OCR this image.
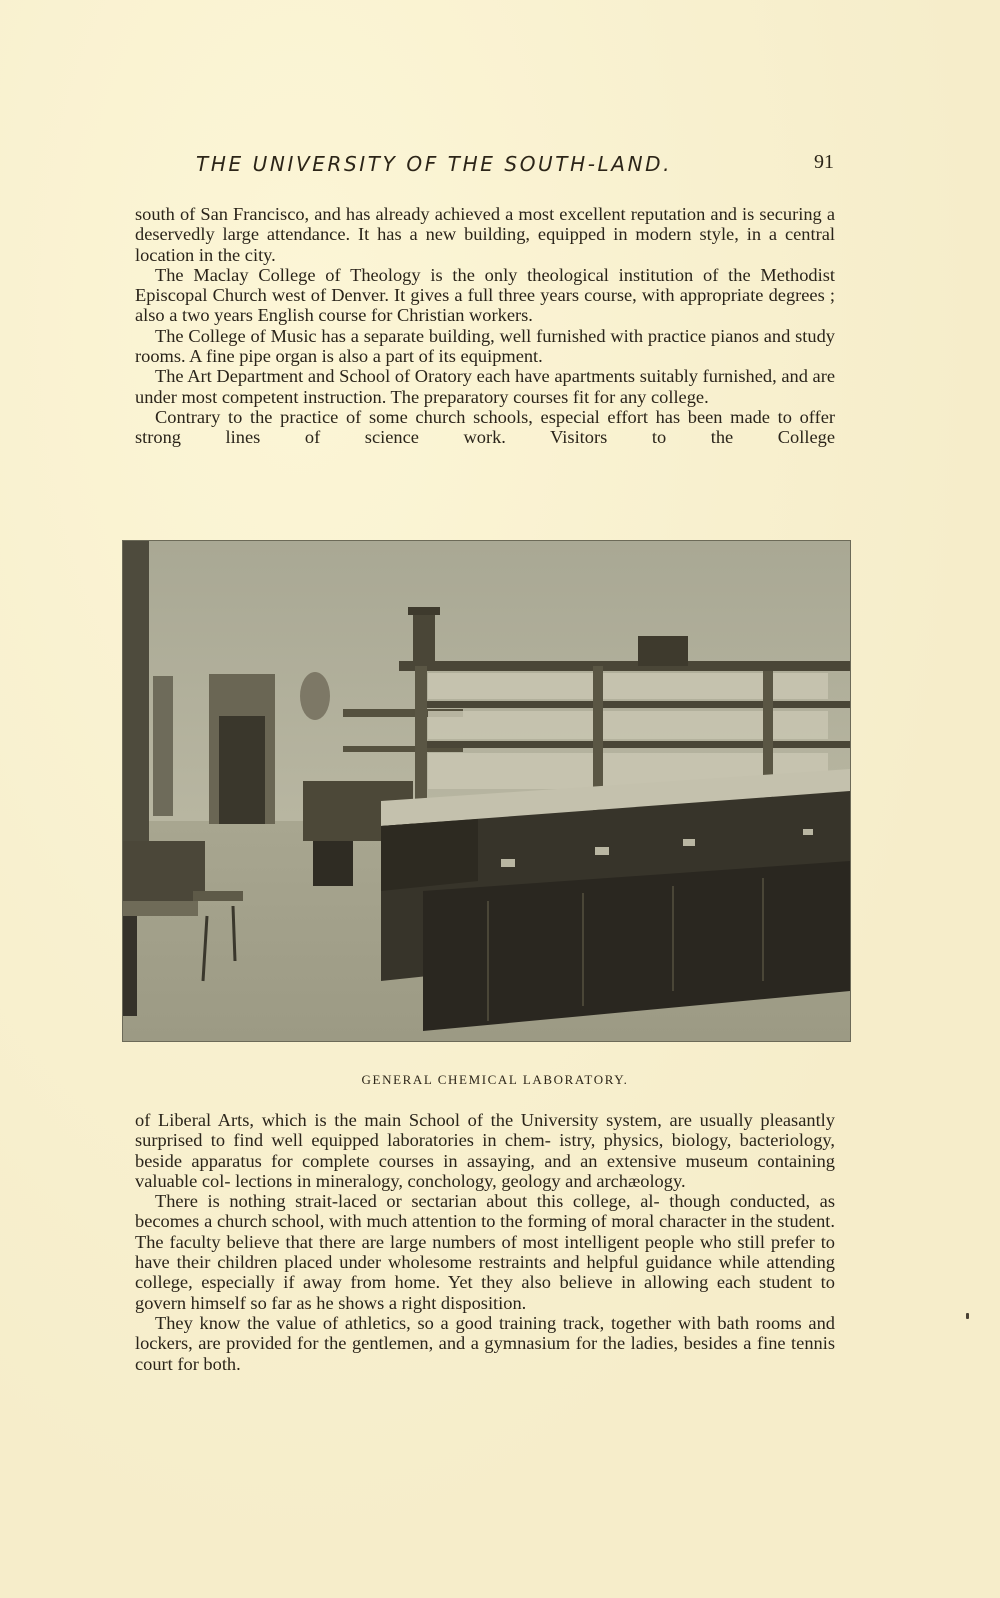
THE UNIVERSITY OF THE SOUTH-LAND.	91

south of San Francisco, and has already achieved a most excellent reputation and is securing a deservedly large attendance. It has a new building, equipped in modern style, in a central location in the city.

The Maclay College of Theology is the only theological institution of the Methodist Episcopal Church west of Denver. It gives a full three years course, with appropriate degrees ; also a two years English course for Christian workers.

The College of Music has a separate building, well furnished with practice pianos and study rooms. A fine pipe organ is also a part of its equipment.

The Art Department and School of Oratory each have apartments suitably furnished, and are under most competent instruction. The preparatory courses fit for any college.

Contrary to the practice of some church schools, especial effort has been made to offer strong lines of science work. Visitors to the College

GENERAL CHEMICAL LABORATORY.

of Liberal Arts, which is the main School of the University system, are usually pleasantly surprised to find well equipped laboratories in chem- istry, physics, biology, bacteriology, beside apparatus for complete courses in assaying, and an extensive museum containing valuable col- lections in mineralogy, conchology, geology and archæology.

There is nothing strait-laced or sectarian about this college, al- though conducted, as becomes a church school, with much attention to the forming of moral character in the student. The faculty believe that there are large numbers of most intelligent people who still prefer to have their children placed under wholesome restraints and helpful guidance while attending college, especially if away from home. Yet they also believe in allowing each student to govern himself so far as he shows a right disposition.

They know the value of athletics, so a good training track, together with bath rooms and lockers, are provided for the gentlemen, and a gymnasium for the ladies, besides a fine tennis court for both.
